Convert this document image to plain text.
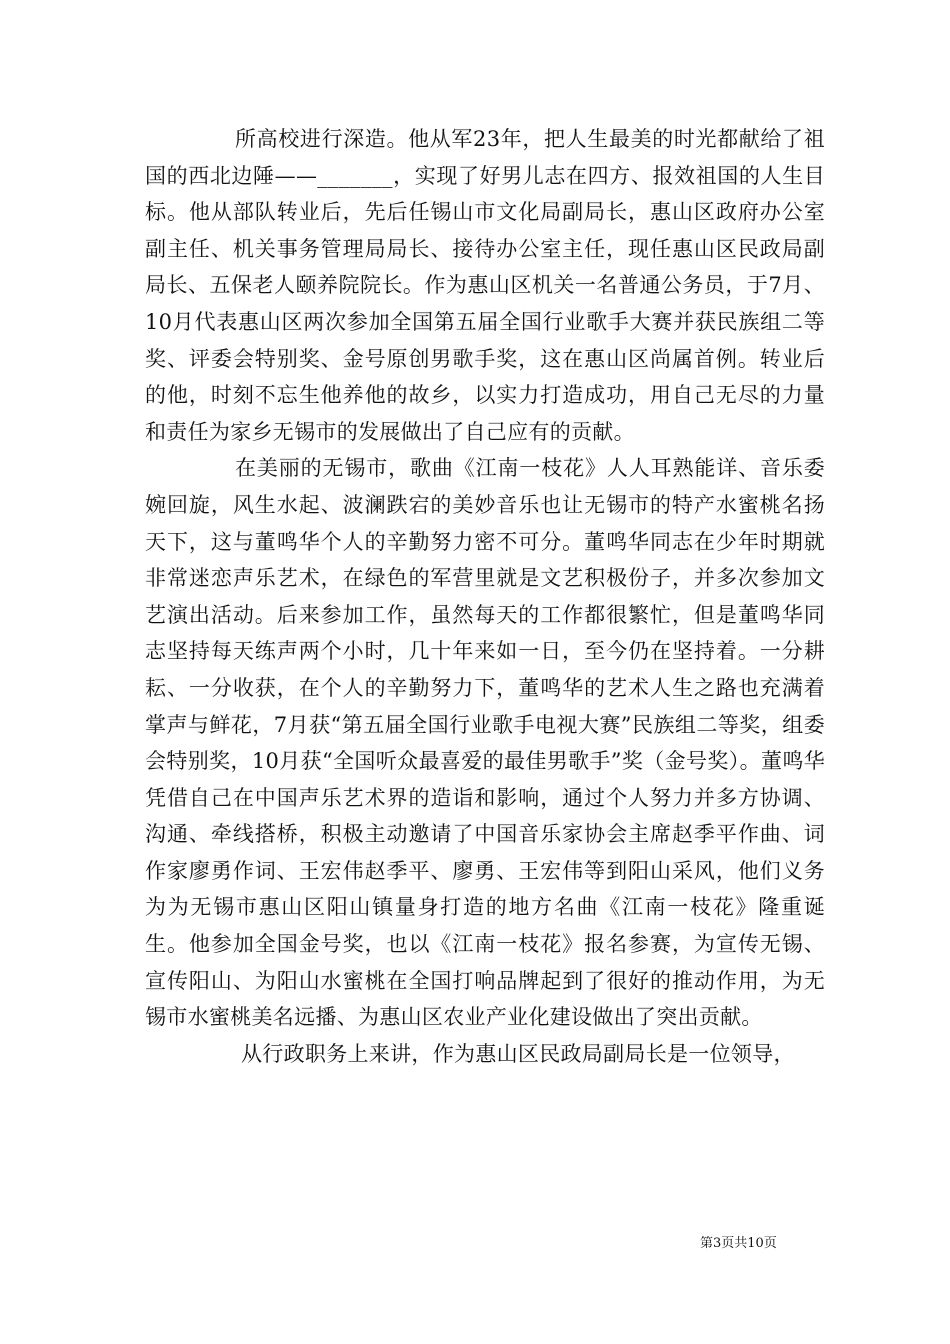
所高校进行深造。他从军23年，把人生最美的时光都献给了祖国的西北边陲——_______，实现了好男儿志在四方、报效祖国的人生目标。他从部队转业后，先后任锡山市文化局副局长，惠山区政府办公室副主任、机关事务管理局局长、接待办公室主任，现任惠山区民政局副局长、五保老人颐养院院长。作为惠山区机关一名普通公务员，于7月、10月代表惠山区两次参加全国第五届全国行业歌手大赛并获民族组二等奖、评委会特别奖、金号原创男歌手奖，这在惠山区尚属首例。转业后的他，时刻不忘生他养他的故乡，以实力打造成功，用自己无尽的力量和责任为家乡无锡市的发展做出了自己应有的贡献。

在美丽的无锡市，歌曲《江南一枝花》人人耳熟能详、音乐委婉回旋，风生水起、波澜跌宕的美妙音乐也让无锡市的特产水蜜桃名扬天下，这与董鸣华个人的辛勤努力密不可分。董鸣华同志在少年时期就非常迷恋声乐艺术，在绿色的军营里就是文艺积极份子，并多次参加文艺演出活动。后来参加工作，虽然每天的工作都很繁忙，但是董鸣华同志坚持每天练声两个小时，几十年来如一日，至今仍在坚持着。一分耕耘、一分收获，在个人的辛勤努力下，董鸣华的艺术人生之路也充满着掌声与鲜花，7月获“第五届全国行业歌手电视大赛”民族组二等奖，组委会特别奖，10月获“全国听众最喜爱的最佳男歌手”奖（金号奖）。董鸣华凭借自己在中国声乐艺术界的造诣和影响，通过个人努力并多方协调、沟通、牵线搭桥，积极主动邀请了中国音乐家协会主席赵季平作曲、词作家廖勇作词、王宏伟赵季平、廖勇、王宏伟等到阳山采风，他们义务为为无锡市惠山区阳山镇量身打造的地方名曲《江南一枝花》隆重诞生。他参加全国金号奖，也以《江南一枝花》报名参赛，为宣传无锡、宣传阳山、为阳山水蜜桃在全国打响品牌起到了很好的推动作用，为无锡市水蜜桃美名远播、为惠山区农业产业化建设做出了突出贡献。

从行政职务上来讲，作为惠山区民政局副局长是一位领导，

第3页共10页
